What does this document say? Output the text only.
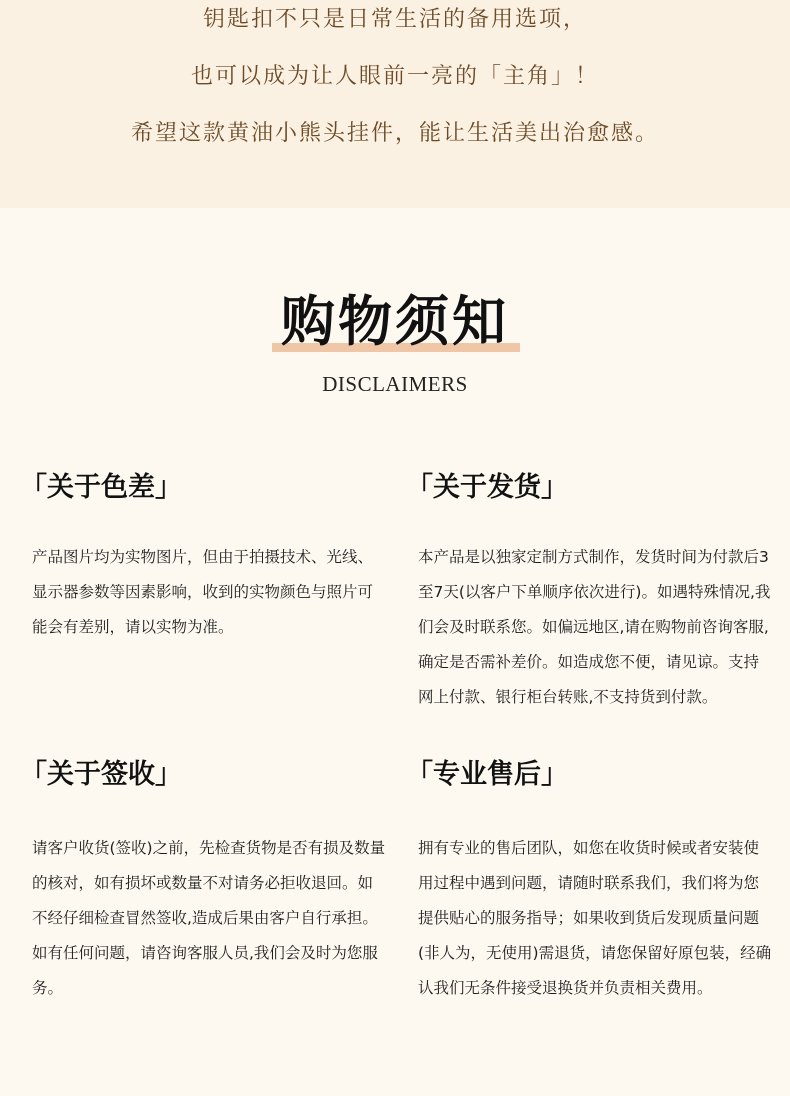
钥匙扣不只是日常生活的备用选项，
也可以成为让人眼前一亮的「主角」！
希望这款黄油小熊头挂件，能让生活美出治愈感。
购物须知
DISCLAIMERS
「关于色差」
产品图片均为实物图片，但由于拍摄技术、光线、显示器参数等因素影响，收到的实物颜色与照片可能会有差别，请以实物为准。
「关于发货」
本产品是以独家定制方式制作，发货时间为付款后3至7天(以客户下单顺序依次进行)。如遇特殊情况,我们会及时联系您。如偏远地区,请在购物前咨询客服,确定是否需补差价。如造成您不便，请见谅。支持网上付款、银行柜台转账,不支持货到付款。
「关于签收」
请客户收货(签收)之前，先检查货物是否有损及数量的核对，如有损坏或数量不对请务必拒收退回。如不经仔细检查冒然签收,造成后果由客户自行承担。如有任何问题，请咨询客服人员,我们会及时为您服务。
「专业售后」
拥有专业的售后团队，如您在收货时候或者安装使用过程中遇到问题，请随时联系我们，我们将为您提供贴心的服务指导；如果收到货后发现质量问题(非人为，无使用)需退货，请您保留好原包装，经确认我们无条件接受退换货并负责相关费用。
